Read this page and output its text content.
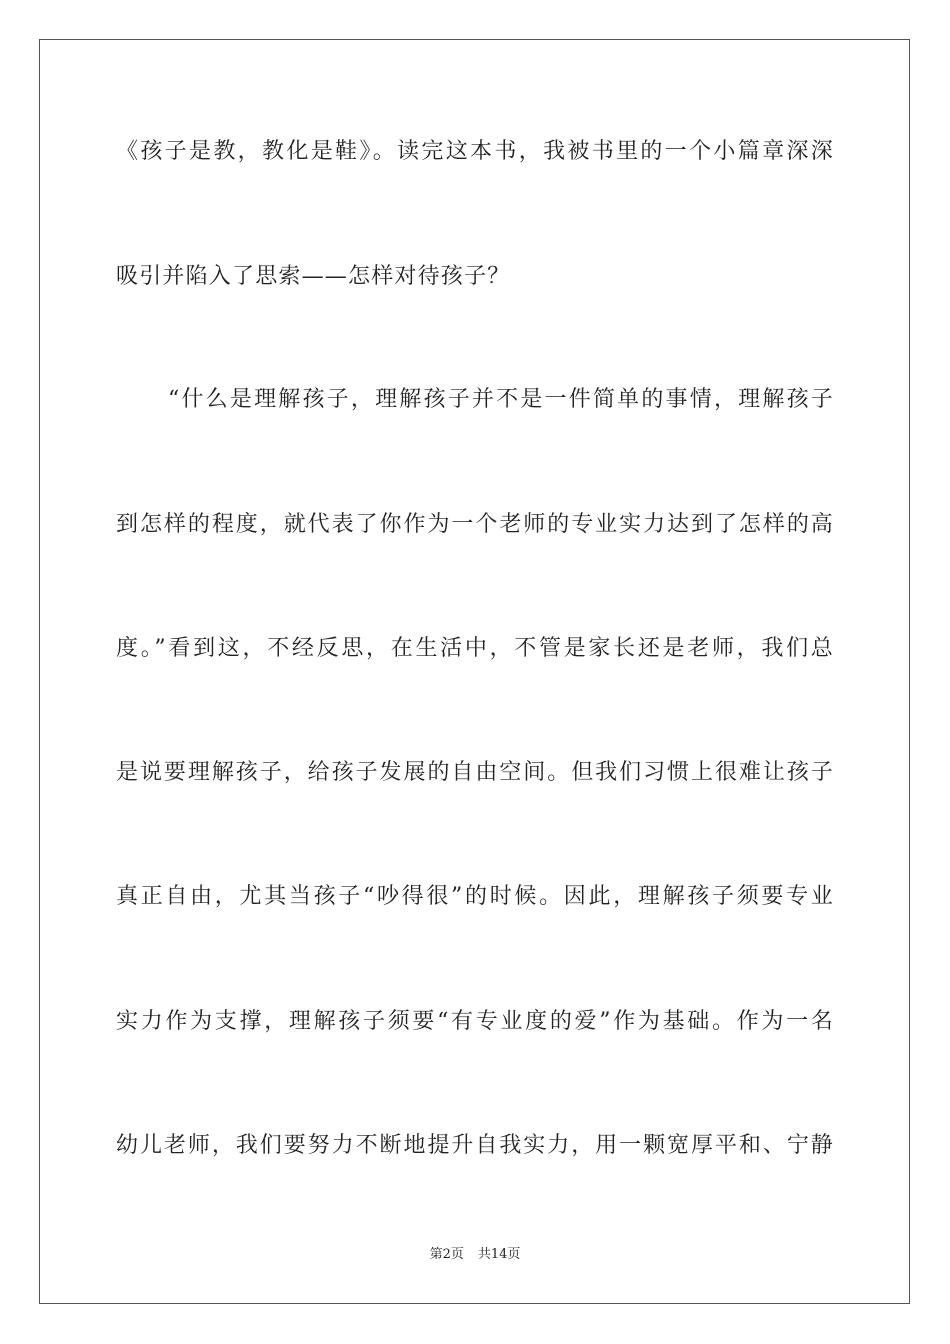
《孩子是教，教化是鞋》。读完这本书，我被书里的一个小篇章深深
吸引并陷入了思索——怎样对待孩子？
“什么是理解孩子，理解孩子并不是一件简单的事情，理解孩子
到怎样的程度，就代表了你作为一个老师的专业实力达到了怎样的高
度。”看到这，不经反思，在生活中，不管是家长还是老师，我们总
是说要理解孩子，给孩子发展的自由空间。但我们习惯上很难让孩子
真正自由，尤其当孩子“吵得很”的时候。因此，理解孩子须要专业
实力作为支撑，理解孩子须要“有专业度的爱”作为基础。作为一名
幼儿老师，我们要努力不断地提升自我实力，用一颗宽厚平和、宁静
第2页 共14页
